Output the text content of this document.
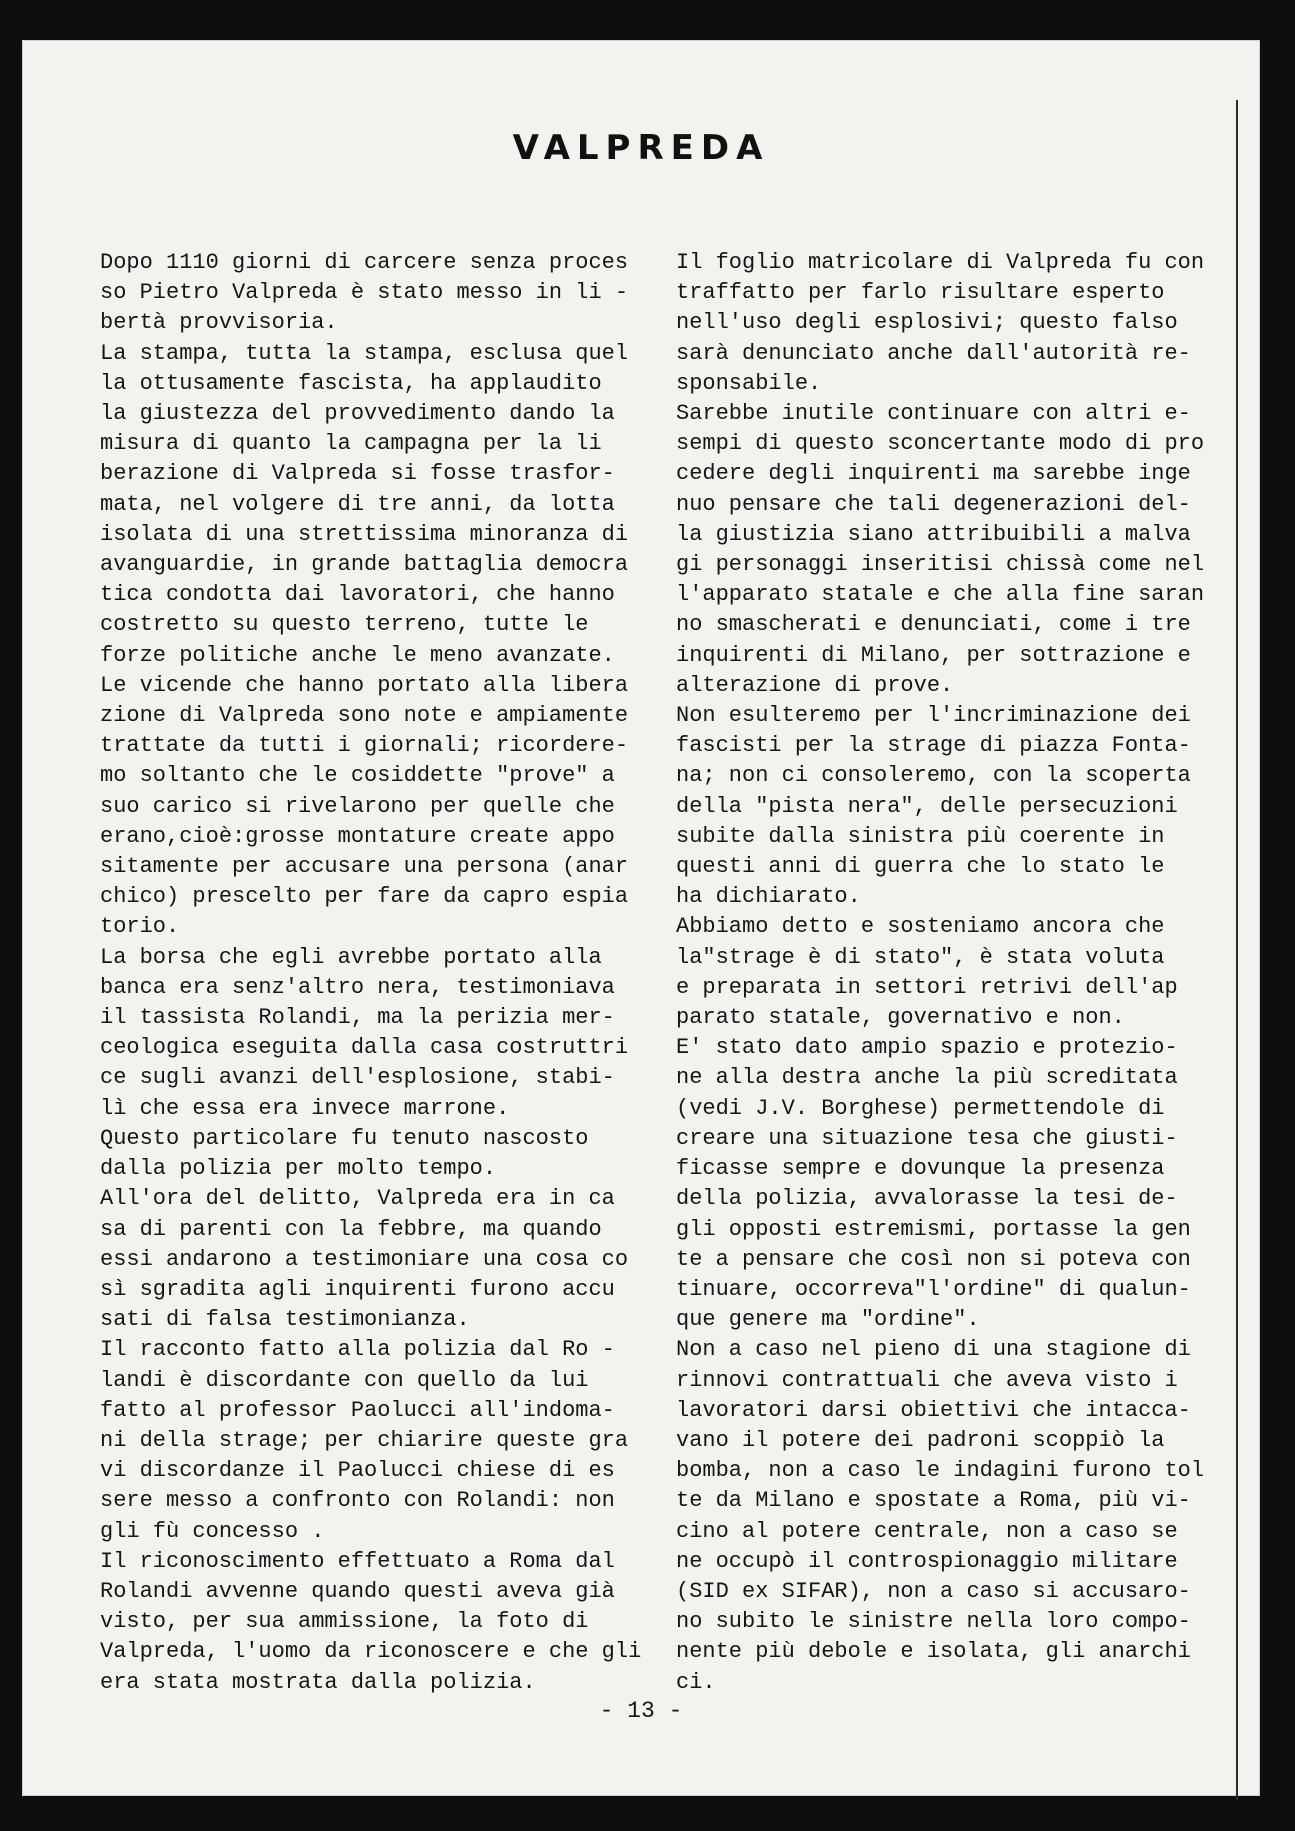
VALPREDA
Dopo 1110 giorni di carcere senza proces
so Pietro Valpreda è stato messo in li -
bertà provvisoria.
La stampa, tutta la stampa, esclusa quel
la ottusamente fascista, ha applaudito
la giustezza del provvedimento dando la
misura di quanto la campagna per la li
berazione di Valpreda si fosse trasfor-
mata, nel volgere di tre anni, da lotta
isolata di una strettissima minoranza di
avanguardie, in grande battaglia democra
tica condotta dai lavoratori, che hanno
costretto su questo terreno, tutte le
forze politiche anche le meno avanzate.
Le vicende che hanno portato alla libera
zione di Valpreda sono note e ampiamente
trattate da tutti i giornali; ricordere-
mo soltanto che le cosiddette "prove" a
suo carico si rivelarono per quelle che
erano,cioè:grosse montature create appo
sitamente per accusare una persona (anar
chico) prescelto per fare da capro espia
torio.
La borsa che egli avrebbe portato alla
banca era senz'altro nera, testimoniava
il tassista Rolandi, ma la perizia mer-
ceologica eseguita dalla casa costruttri
ce sugli avanzi dell'esplosione, stabi-
lì che essa era invece marrone.
Questo particolare fu tenuto nascosto
dalla polizia per molto tempo.
All'ora del delitto, Valpreda era in ca
sa di parenti con la febbre, ma quando
essi andarono a testimoniare una cosa co
sì sgradita agli inquirenti furono accu
sati di falsa testimonianza.
Il racconto fatto alla polizia dal Ro -
landi è discordante con quello da lui
fatto al professor Paolucci all'indoma-
ni della strage; per chiarire queste gra
vi discordanze il Paolucci chiese di es
sere messo a confronto con Rolandi: non
gli fù concesso .
Il riconoscimento effettuato a Roma dal
Rolandi avvenne quando questi aveva già
visto, per sua ammissione, la foto di
Valpreda, l'uomo da riconoscere e che gli
era stata mostrata dalla polizia.
Il foglio matricolare di Valpreda fu con
traffatto per farlo risultare esperto
nell'uso degli esplosivi; questo falso
sarà denunciato anche dall'autorità re-
sponsabile.
Sarebbe inutile continuare con altri e-
sempi di questo sconcertante modo di pro
cedere degli inquirenti ma sarebbe inge
nuo pensare che tali degenerazioni del-
la giustizia siano attribuibili a malva
gi personaggi inseritisi chissà come nel
l'apparato statale e che alla fine saran
no smascherati e denunciati, come i tre
inquirenti di Milano, per sottrazione e
alterazione di prove.
Non esulteremo per l'incriminazione dei
fascisti per la strage di piazza Fonta-
na; non ci consoleremo, con la scoperta
della "pista nera", delle persecuzioni
subite dalla sinistra più coerente in
questi anni di guerra che lo stato le
ha dichiarato.
Abbiamo detto e sosteniamo ancora che
la"strage è di stato", è stata voluta
e preparata in settori retrivi dell'ap
parato statale, governativo e non.
E' stato dato ampio spazio e protezio-
ne alla destra anche la più screditata
(vedi J.V. Borghese) permettendole di
creare una situazione tesa che giusti-
ficasse sempre e dovunque la presenza
della polizia, avvalorasse la tesi de-
gli opposti estremismi, portasse la gen
te a pensare che così non si poteva con
tinuare, occorreva"l'ordine" di qualun-
que genere ma "ordine".
Non a caso nel pieno di una stagione di
rinnovi contrattuali che aveva visto i
lavoratori darsi obiettivi che intacca-
vano il potere dei padroni scoppiò la
bomba, non a caso le indagini furono tol
te da Milano e spostate a Roma, più vi-
cino al potere centrale, non a caso se
ne occupò il controspionaggio militare
(SID ex SIFAR), non a caso si accusaro-
no subito le sinistre nella loro compo-
nente più debole e isolata, gli anarchi
ci.
- 13 -
